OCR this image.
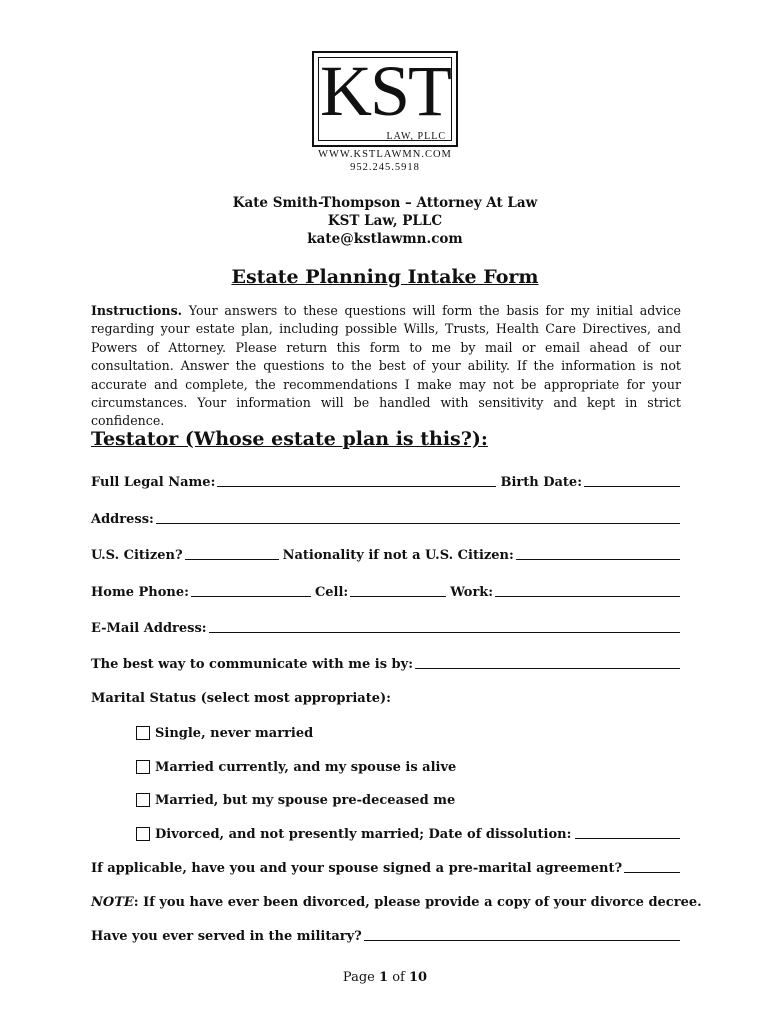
KST
LAW, PLLC
WWW.KSTLAWMN.COM
952.245.5918
Kate Smith-Thompson – Attorney At Law
KST Law, PLLC
kate@kstlawmn.com
Estate Planning Intake Form
Instructions. Your answers to these questions will form the basis for my initial advice regarding your estate plan, including possible Wills, Trusts, Health Care Directives, and Powers of Attorney. Please return this form to me by mail or email ahead of our consultation. Answer the questions to the best of your ability. If the information is not accurate and complete, the recommendations I make may not be appropriate for your circumstances. Your information will be handled with sensitivity and kept in strict confidence.
Testator (Whose estate plan is this?):
Full Legal Name:	Birth Date:
Address:
U.S. Citizen?	Nationality if not a U.S. Citizen:
Home Phone:	Cell:	Work:
E-Mail Address:
The best way to communicate with me is by:
Marital Status (select most appropriate):
Single, never married
Married currently, and my spouse is alive
Married, but my spouse pre-deceased me
Divorced, and not presently married; Date of dissolution:
If applicable, have you and your spouse signed a pre-marital agreement?
NOTE : If you have ever been divorced, please provide a copy of your divorce decree.
Have you ever served in the military?
Page 1 of 10
